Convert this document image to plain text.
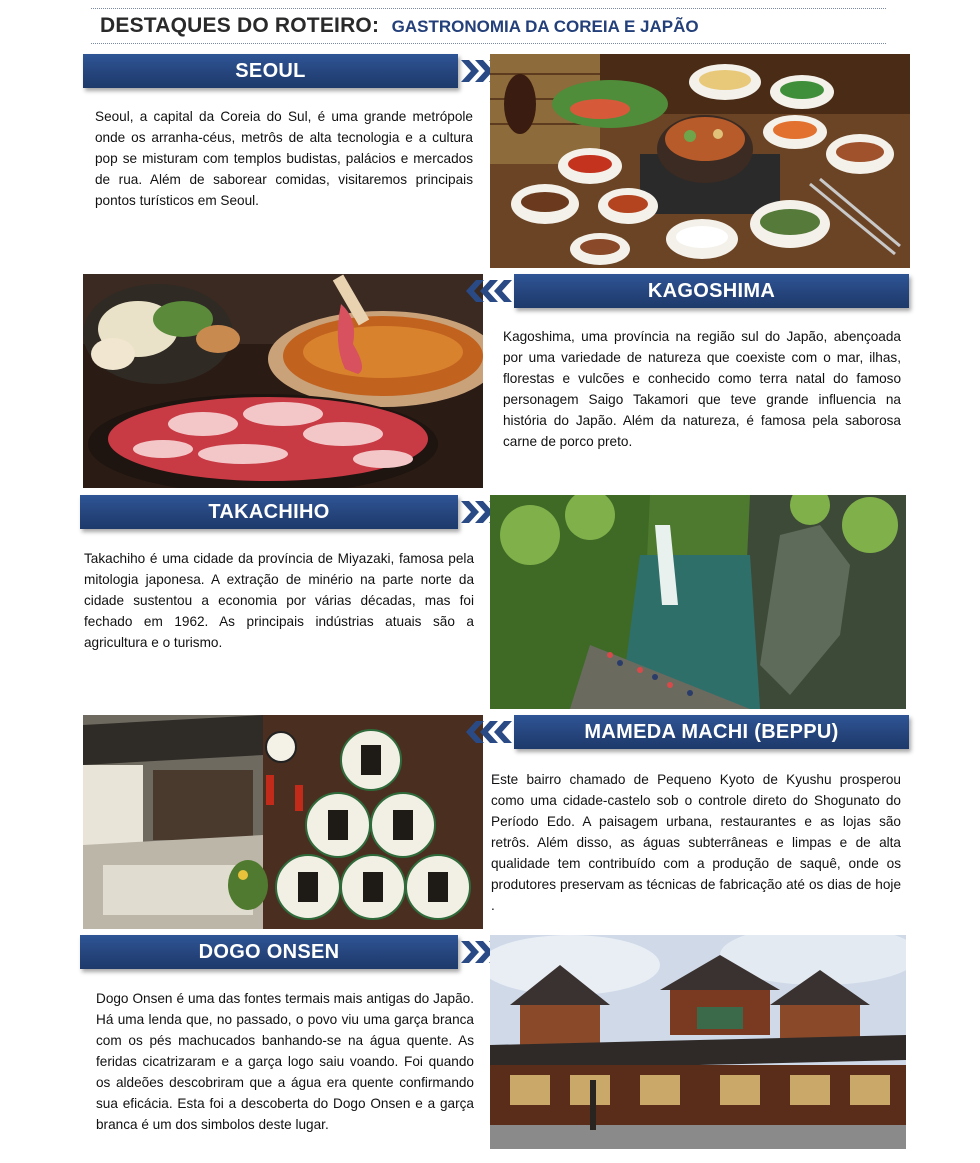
DESTAQUES DO ROTEIRO: GASTRONOMIA DA COREIA E JAPÃO
SEOUL
Seoul, a capital da Coreia do Sul, é uma grande metrópole onde os arranha-céus, metrôs de alta tecnologia e a cultura pop se misturam com templos budistas, palácios e mercados de rua. Além de saborear comidas, visitaremos principais pontos turísticos em Seoul.
KAGOSHIMA
Kagoshima, uma província na região sul do Japão, abençoada por uma variedade de natureza que coexiste com o mar, ilhas, florestas e vulcões e conhecido como terra natal do famoso personagem Saigo Takamori que teve grande influencia na história do Japão. Além da natureza, é famosa pela saborosa carne de porco preto.
TAKACHIHO
Takachiho é uma cidade da província de Miyazaki, famosa pela mitologia japonesa. A extração de minério na parte norte da cidade sustentou a economia por várias décadas, mas foi fechado em 1962. As principais indústrias atuais são a agricultura e o turismo.
MAMEDA MACHI (BEPPU)
Este bairro chamado de Pequeno Kyoto de Kyushu prosperou como uma cidade-castelo sob o controle direto do Shogunato do Período Edo. A paisagem urbana, restaurantes e as lojas são retrôs. Além disso, as águas subterrâneas e limpas e de alta qualidade tem contribuído com a produção de saquê, onde os produtores preservam as técnicas de fabricação até os dias de hoje .
DOGO ONSEN
Dogo Onsen é uma das fontes termais mais antigas do Japão. Há uma lenda que, no passado, o povo viu uma garça branca com os pés machucados banhando-se na água quente. As feridas cicatrizaram e a garça logo saiu voando. Foi quando os aldeões descobriram que a água era quente confirmando sua eficácia. Esta foi a descoberta do Dogo Onsen e a garça branca é um dos simbolos deste lugar.
